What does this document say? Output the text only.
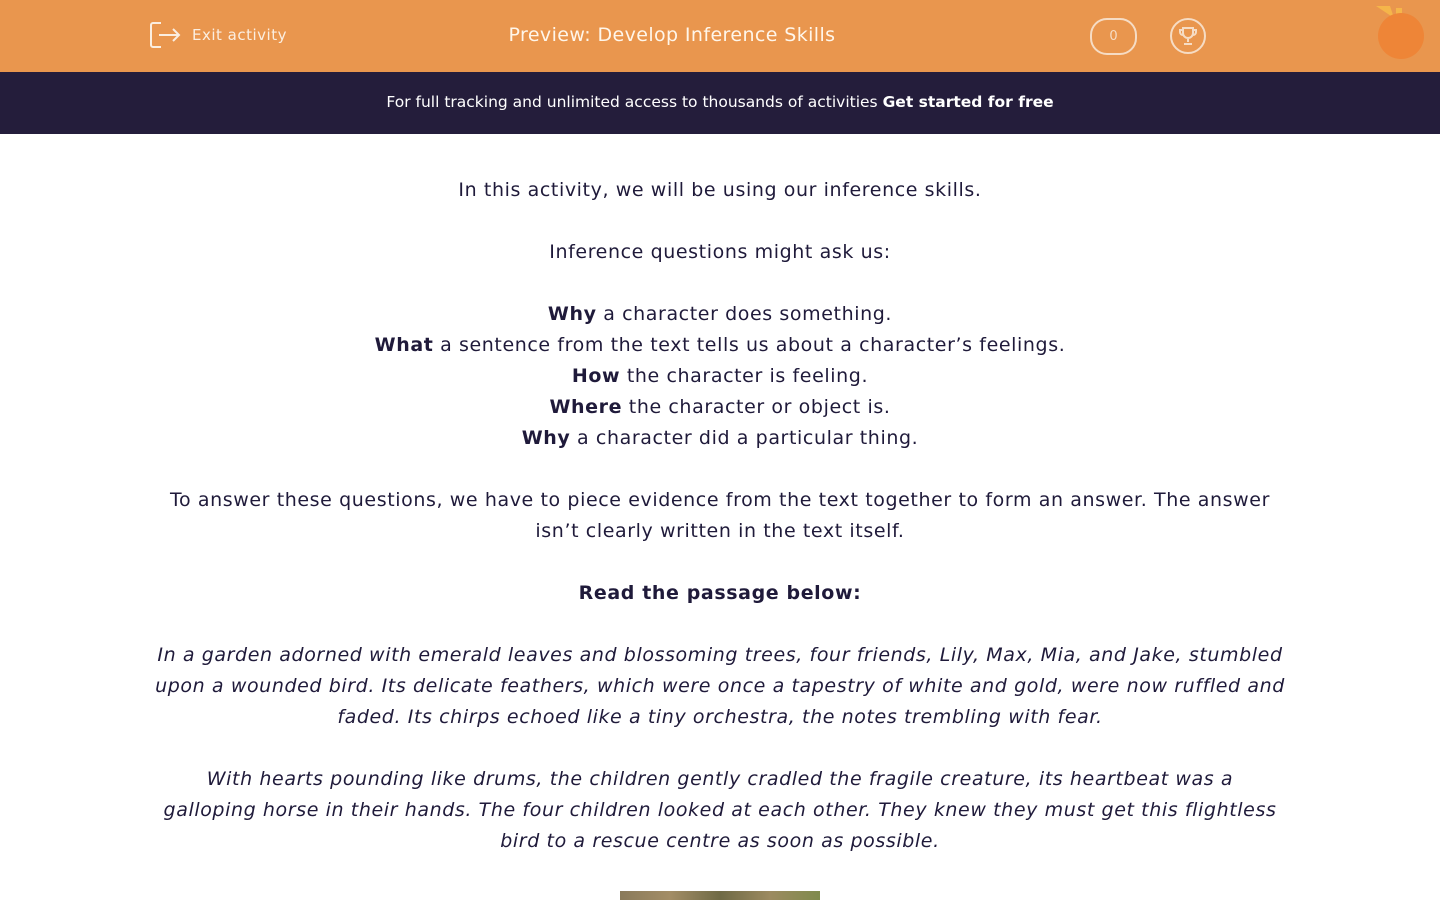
Exit activity	Preview: Develop Inference Skills	0
For full tracking and unlimited access to thousands of activities Get started for free

In this activity, we will be using our inference skills.

Inference questions might ask us:

Why a character does something.
What a sentence from the text tells us about a character’s feelings.
How the character is feeling.
Where the character or object is.
Why a character did a particular thing.

To answer these questions, we have to piece evidence from the text together to form an answer. The answer isn’t clearly written in the text itself.

Read the passage below:

In a garden adorned with emerald leaves and blossoming trees, four friends, Lily, Max, Mia, and Jake, stumbled upon a wounded bird. Its delicate feathers, which were once a tapestry of white and gold, were now ruffled and faded. Its chirps echoed like a tiny orchestra, the notes trembling with fear.

With hearts pounding like drums, the children gently cradled the fragile creature, its heartbeat was a galloping horse in their hands. The four children looked at each other. They knew they must get this flightless bird to a rescue centre as soon as possible.
